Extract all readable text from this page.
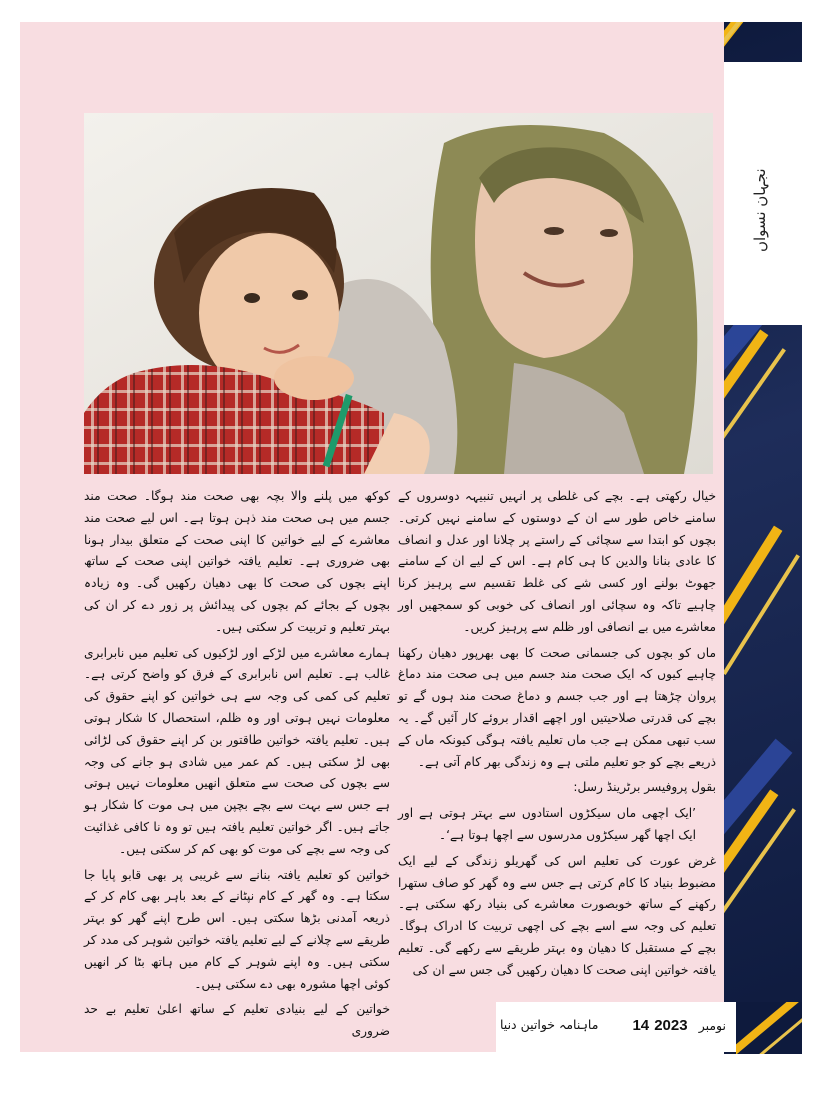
نجہان نسواں

خیال رکھتی ہے۔ بچے کی غلطی پر انہیں تنبیہہ دوسروں کے سامنے خاص طور سے ان کے دوستوں کے سامنے نہیں کرتی۔ بچوں کو ابتدا سے سچائی کے راستے پر چلانا اور عدل و انصاف کا عادی بنانا والدین کا ہی کام ہے۔ اس کے لیے ان کے سامنے جھوٹ بولنے اور کسی شے کی غلط تقسیم سے پرہیز کرنا چاہیے تاکہ وہ سچائی اور انصاف کی خوبی کو سمجھیں اور معاشرے میں بے انصافی اور ظلم سے پرہیز کریں۔

ماں کو بچوں کی جسمانی صحت کا بھی بھرپور دھیان رکھنا چاہیے کیوں کہ ایک صحت مند جسم میں ہی صحت مند دماغ پروان چڑھتا ہے اور جب جسم و دماغ صحت مند ہوں گے تو بچے کی قدرتی صلاحیتیں اور اچھے اقدار بروئے کار آئیں گے۔ یہ سب تبھی ممکن ہے جب ماں تعلیم یافتہ ہوگی کیونکہ ماں کے ذریعے بچے کو جو تعلیم ملتی ہے وہ زندگی بھر کام آتی ہے۔

بقول پروفیسر برٹرینڈ رسل:

’ایک اچھی ماں سیکڑوں استادوں سے بہتر ہوتی ہے اور ایک اچھا گھر سیکڑوں مدرسوں سے اچھا ہوتا ہے‘۔

غرض عورت کی تعلیم اس کی گھریلو زندگی کے لیے ایک مضبوط بنیاد کا کام کرتی ہے جس سے وہ گھر کو صاف ستھرا رکھنے کے ساتھ خوبصورت معاشرے کی بنیاد رکھ سکتی ہے۔ تعلیم کی وجہ سے اسے بچے کی اچھی تربیت کا ادراک ہوگا۔ بچے کے مستقبل کا دھیان وہ بہتر طریقے سے رکھے گی۔ تعلیم یافتہ خواتین اپنی صحت کا دھیان رکھیں گی جس سے ان کی

کوکھ میں پلنے والا بچہ بھی صحت مند ہوگا۔ صحت مند جسم میں ہی صحت مند ذہن ہوتا ہے۔ اس لیے صحت مند معاشرے کے لیے خواتین کا اپنی صحت کے متعلق بیدار ہونا بھی ضروری ہے۔ تعلیم یافتہ خواتین اپنی صحت کے ساتھ اپنے بچوں کی صحت کا بھی دھیان رکھیں گی۔ وہ زیادہ بچوں کے بجائے کم بچوں کی پیدائش پر زور دے کر ان کی بہتر تعلیم و تربیت کر سکتی ہیں۔

ہمارے معاشرے میں لڑکے اور لڑکیوں کی تعلیم میں نابرابری غالب ہے۔ تعلیم اس نابرابری کے فرق کو واضح کرتی ہے۔ تعلیم کی کمی کی وجہ سے ہی خواتین کو اپنے حقوق کی معلومات نہیں ہوتی اور وہ ظلم، استحصال کا شکار ہوتی ہیں۔ تعلیم یافتہ خواتین طاقتور بن کر اپنے حقوق کی لڑائی بھی لڑ سکتی ہیں۔ کم عمر میں شادی ہو جانے کی وجہ سے بچوں کی صحت سے متعلق انھیں معلومات نہیں ہوتی ہے جس سے بہت سے بچے بچپن میں ہی موت کا شکار ہو جاتے ہیں۔ اگر خواتین تعلیم یافتہ ہیں تو وہ نا کافی غذائیت کی وجہ سے بچے کی موت کو بھی کم کر سکتی ہیں۔

خواتین کو تعلیم یافتہ بنانے سے غریبی پر بھی قابو پایا جا سکتا ہے۔ وہ گھر کے کام نپٹانے کے بعد باہر بھی کام کر کے ذریعہ آمدنی بڑھا سکتی ہیں۔ اس طرح اپنے گھر کو بہتر طریقے سے چلانے کے لیے تعلیم یافتہ خواتین شوہر کی مدد کر سکتی ہیں۔ وہ اپنے شوہر کے کام میں ہاتھ بٹا کر انھیں کوئی اچھا مشورہ بھی دے سکتی ہیں۔

خواتین کے لیے بنیادی تعلیم کے ساتھ اعلیٰ تعلیم بے حد ضروری	ماہنامہ خواتین دنیا	نومبر 2023 14
